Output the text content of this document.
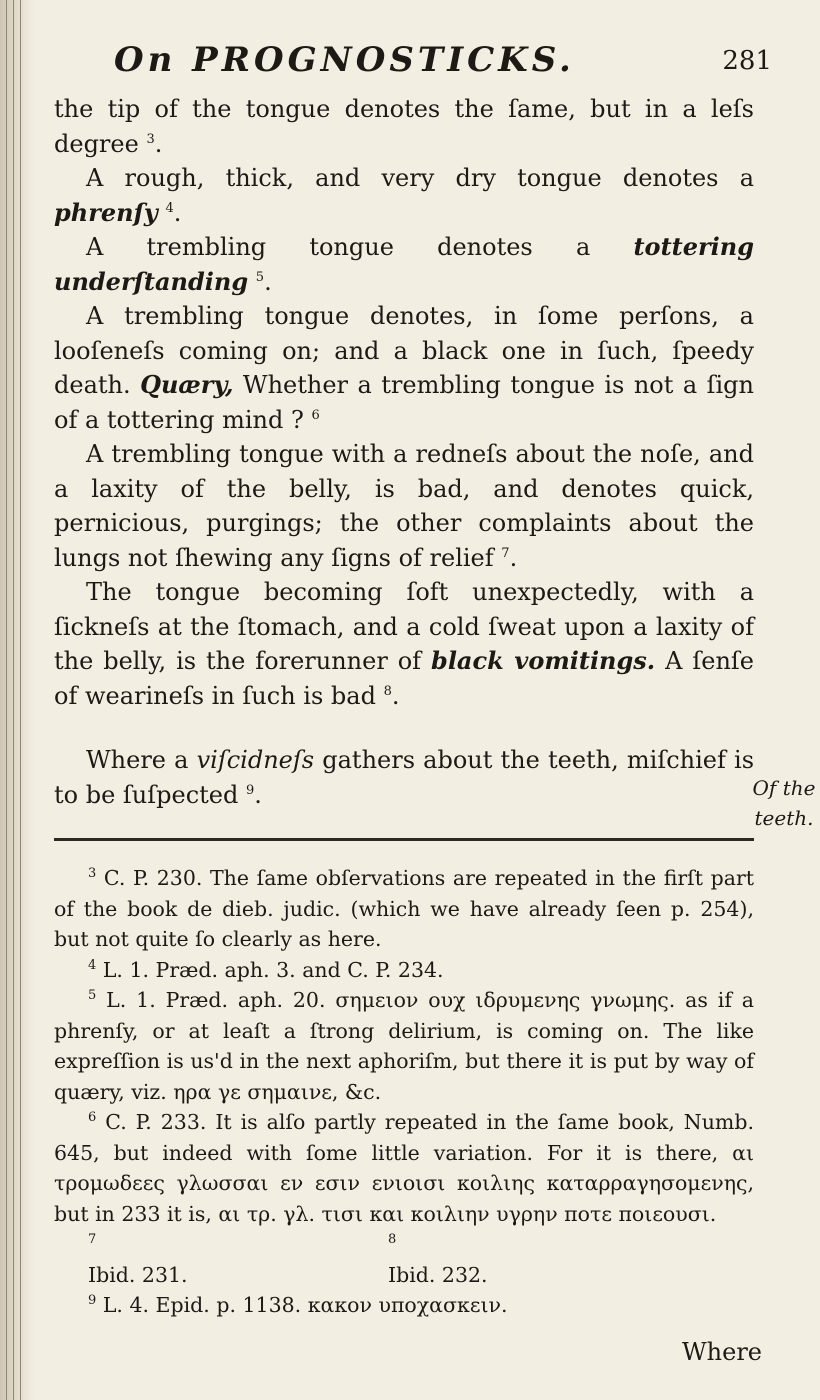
On PROGNOSTICKS.	281

the tip of the tongue denotes the ſame, but in a leſs degree $^3$.

A rough, thick, and very dry tongue denotes a phrenſy $^4$.

A trembling tongue denotes a tottering underſtanding $^5$.

A trembling tongue denotes, in ſome perſons, a looſeneſs coming on; and a black one in ſuch, ſpeedy death. Quæry, Whether a trembling tongue is not a ſign of a tottering mind ? $^6$

A trembling tongue with a redneſs about the noſe, and a laxity of the belly, is bad, and denotes quick, pernicious, purgings; the other complaints about the lungs not ſhewing any ſigns of relief $^7$.

The tongue becoming ſoft unexpectedly, with a ſickneſs at the ſtomach, and a cold ſweat upon a laxity of the belly, is the forerunner of black vomitings. A ſenſe of wearineſs in ſuch is bad $^8$.

Where a viſcidneſs gathers about the teeth, miſchief is to be ſuſpected $^9$.	Of the
teeth.

$^3$ C. P. 230. The ſame obſervations are repeated in the firſt part of the book de dieb. judic. (which we have already ſeen p. 254), but not quite ſo clearly as here.

$^4$ L. 1. Præd. aph. 3. and C. P. 234.

$^5$ L. 1. Præd. aph. 20. σημειον ουχ ιδρυμενης γνωμης. as if a phrenſy, or at leaſt a ſtrong delirium, is coming on. The like expreſſion is us'd in the next aphoriſm, but there it is put by way of quæry, viz. ηρα γε σημαινε, &c.

$^6$ C. P. 233. It is alſo partly repeated in the ſame book, Numb. 645, but indeed with ſome little variation. For it is there, αι τρομωδεες γλωσσαι εν εσιν ενιοισι κοιλιης καταρραγησομενης, but in 233 it is, αι τρ. γλ. τισι και κοιλιην υγρην ποτε ποιεουσι.

$^7$ Ibid. 231.
$^8$ Ibid. 232.

$^9$ L. 4. Epid. p. 1138. κακον υποχασκειν.

Where
